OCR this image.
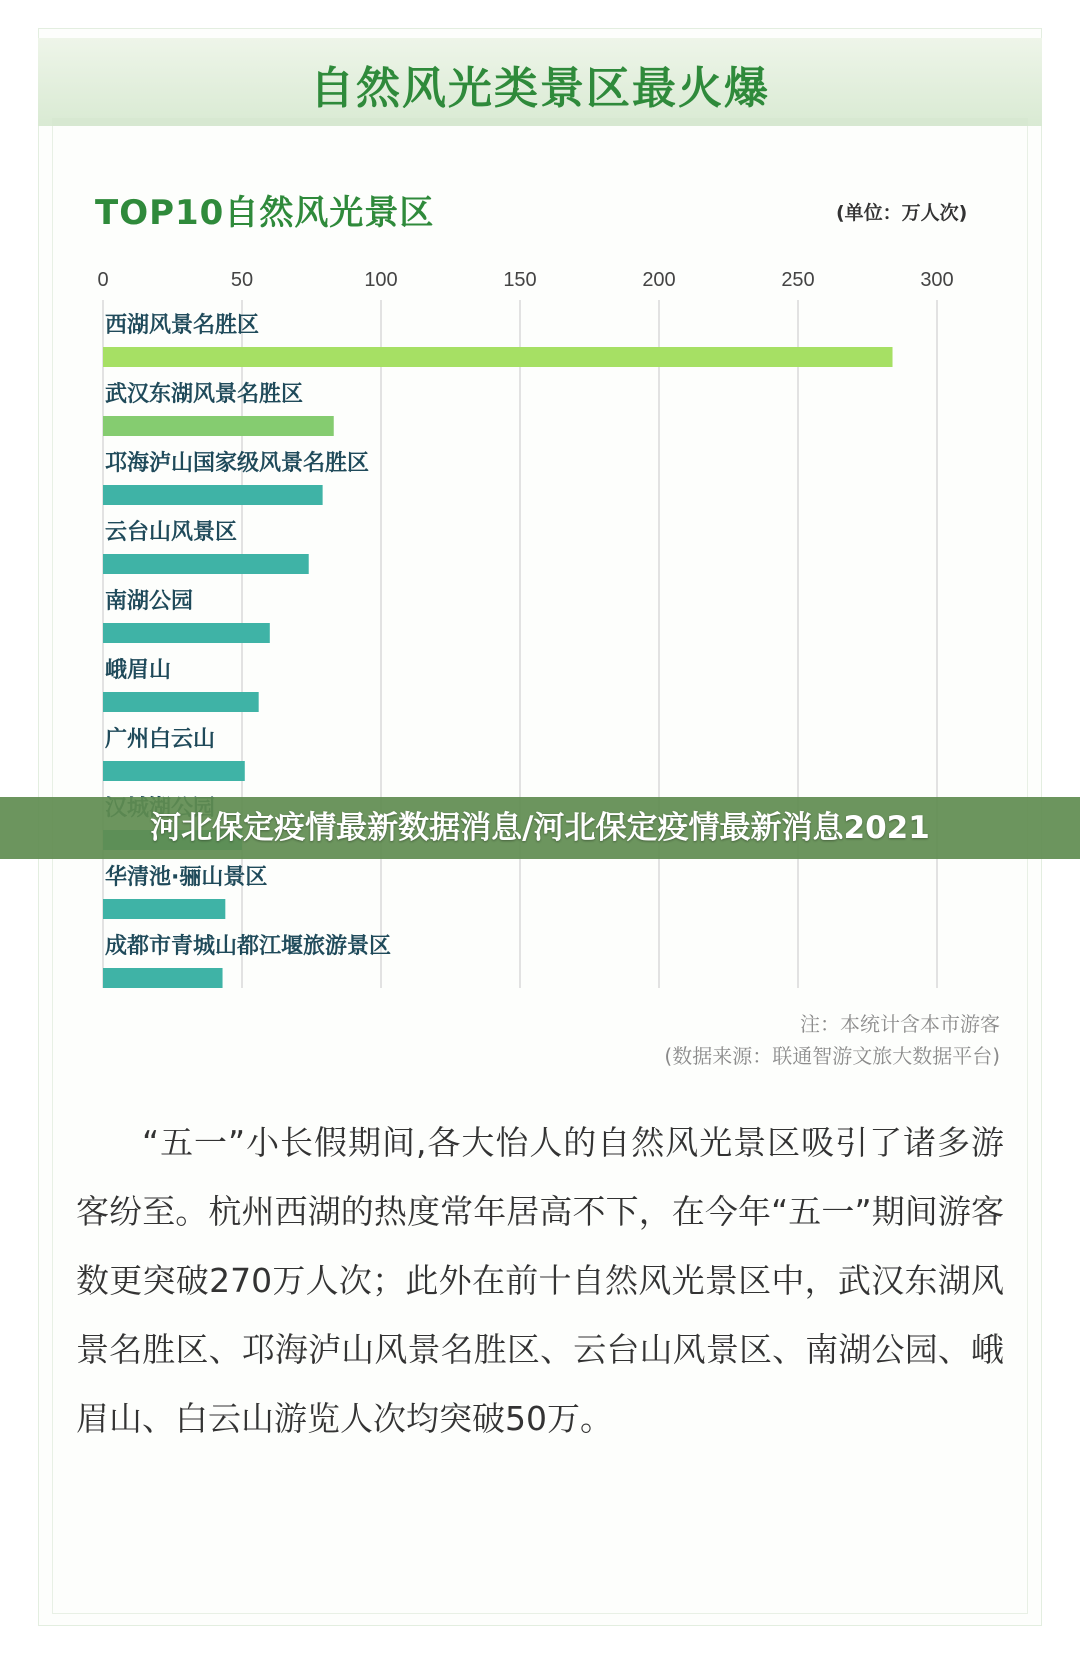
自然风光类景区最火爆
TOP10自然风光景区	(单位：万人次)
0	50	100	150	200	250	300
西湖风景名胜区
武汉东湖风景名胜区
邛海泸山国家级风景名胜区
云台山风景区
南湖公园
峨眉山
广州白云山
华清池·骊山景区
成都市青城山都江堰旅游景区
注：本统计含本市游客
(数据来源：联通智游文旅大数据平台)
“五一”小长假期间,各大怡人的自然风光景区吸引了诸多游客纷至。杭州西湖的热度常年居高不下，在今年“五一”期间游客数更突破270万人次；此外在前十自然风光景区中，武汉东湖风景名胜区、邛海泸山风景名胜区、云台山风景区、南湖公园、峨眉山、白云山游览人次均突破50万。
河北保定疫情最新数据消息/河北保定疫情最新消息2021
